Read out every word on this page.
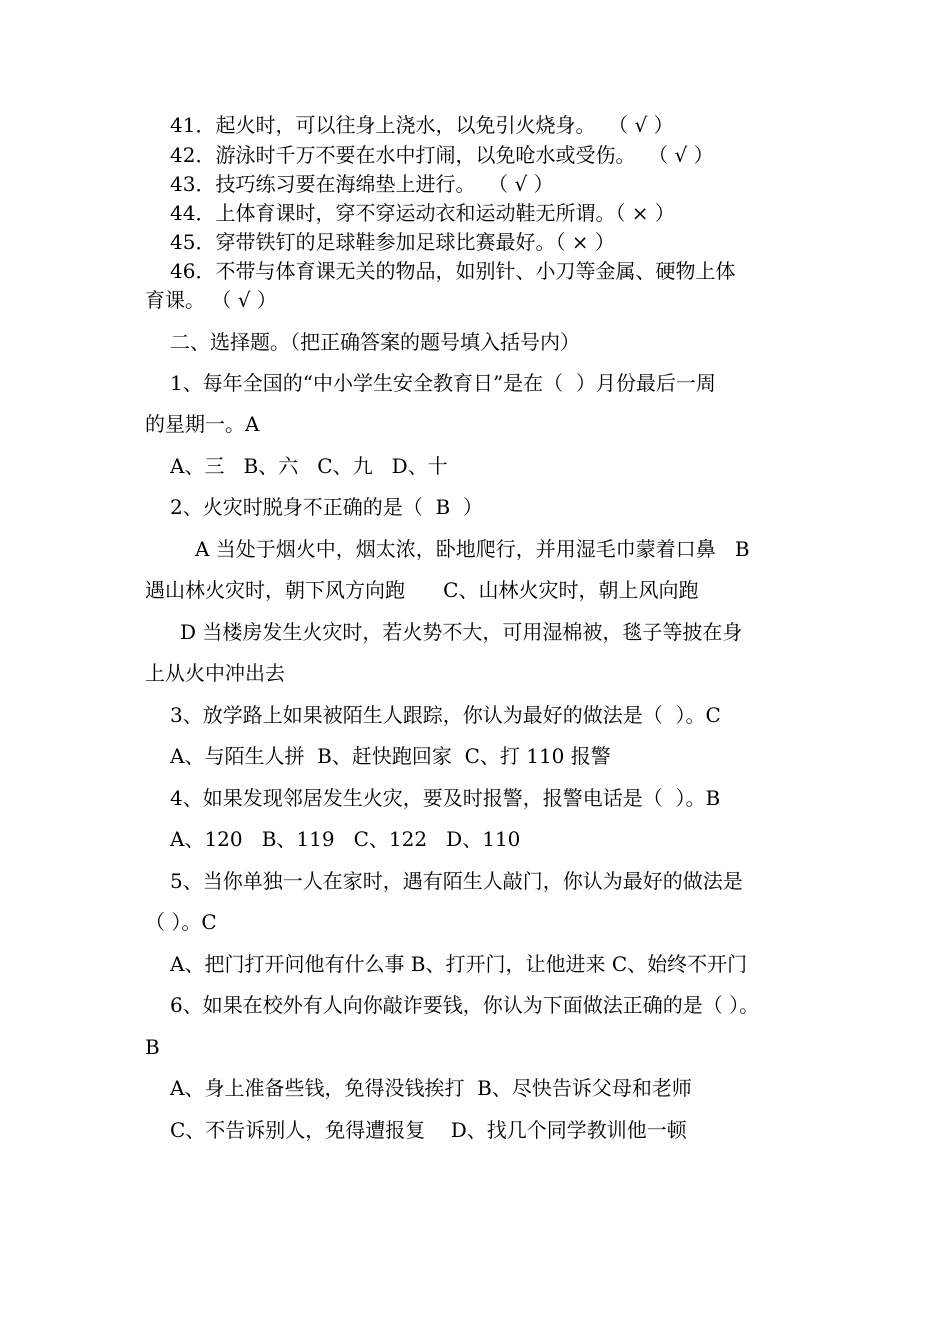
41．起火时，可以往身上浇水，以免引火烧身。  （ √ ）
42．游泳时千万不要在水中打闹，以免呛水或受伤。  （ √ ）
43．技巧练习要在海绵垫上进行。  （ √ ）
44．上体育课时，穿不穿运动衣和运动鞋无所谓。（ × ）
45．穿带铁钉的足球鞋参加足球比赛最好。（ × ）
46．不带与体育课无关的物品，如别针、小刀等金属、硬物上体
育课。 （ √ ）
二、选择题。（把正确答案的题号填入括号内）
1、每年全国的“中小学生安全教育日”是在（  ）月份最后一周
的星期一。A
A、三   B、六   C、九   D、十
2、火灾时脱身不正确的是（  B  ）
A 当处于烟火中，烟太浓，卧地爬行，并用湿毛巾蒙着口鼻   B
遇山林火灾时，朝下风方向跑      C、山林火灾时，朝上风向跑
D 当楼房发生火灾时，若火势不大，可用湿棉被，毯子等披在身
上从火中冲出去
3、放学路上如果被陌生人跟踪，你认为最好的做法是（  ）。C
A、与陌生人拼  B、赶快跑回家  C、打 110 报警
4、如果发现邻居发生火灾，要及时报警，报警电话是（  ）。B
A、120   B、119   C、122   D、110
5、当你单独一人在家时，遇有陌生人敲门，你认为最好的做法是
（ ）。C
A、把门打开问他有什么事 B、打开门，让他进来 C、始终不开门
6、如果在校外有人向你敲诈要钱，你认为下面做法正确的是（ ）。
B
A、身上准备些钱，免得没钱挨打  B、尽快告诉父母和老师
C、不告诉别人，免得遭报复    D、找几个同学教训他一顿
